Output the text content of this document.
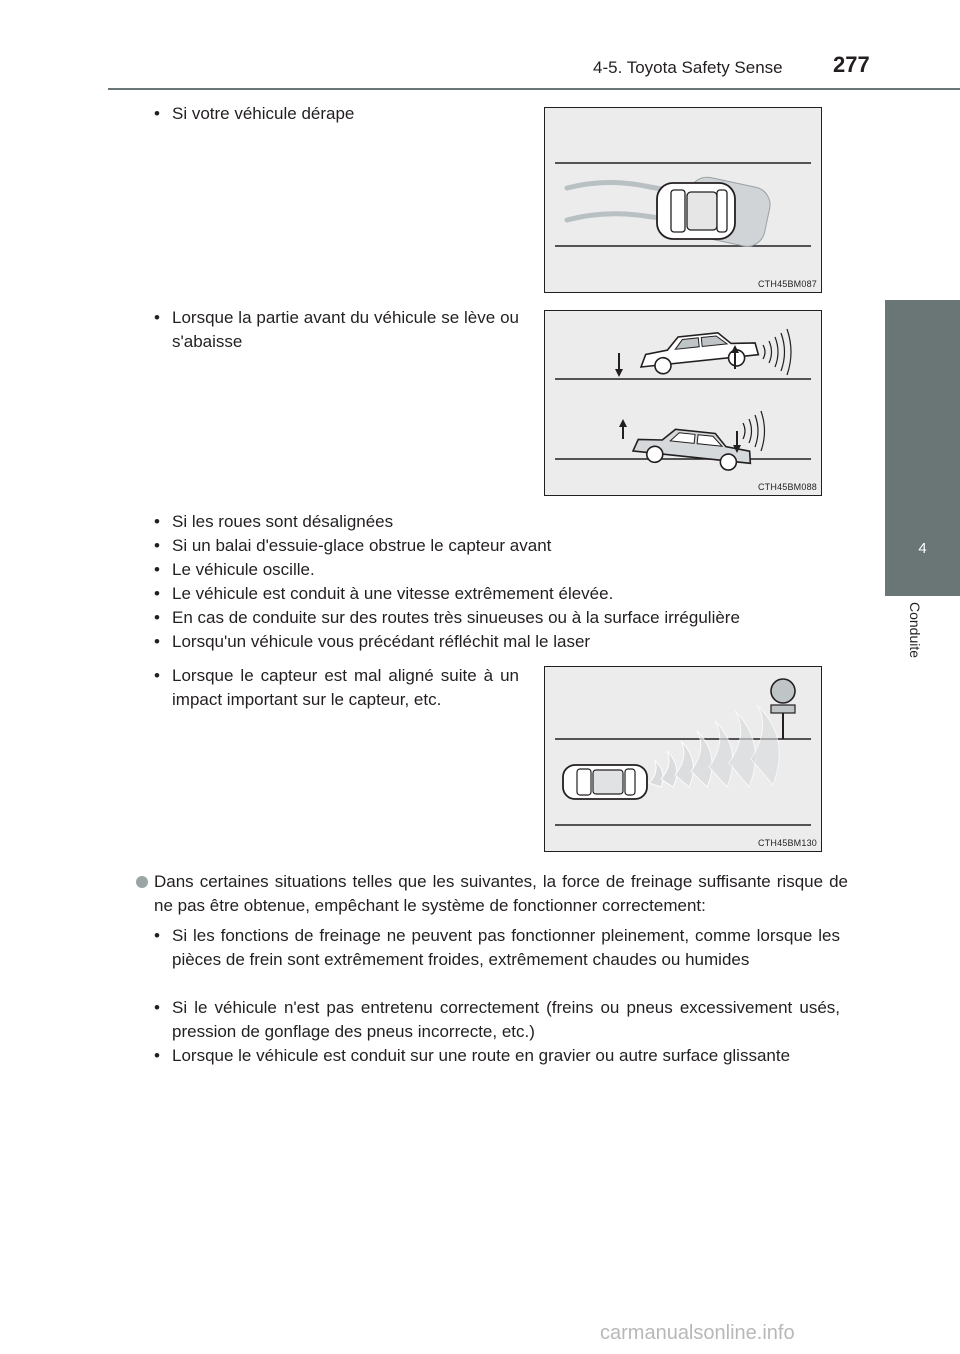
4-5. Toyota Safety Sense 277
4
Conduite
• Si votre véhicule dérape
CTH45BM087
• Lorsque la partie avant du véhicule se lève ou s'abaisse
CTH45BM088
• Si les roues sont désalignées
• Si un balai d'essuie-glace obstrue le capteur avant
• Le véhicule oscille.
• Le véhicule est conduit à une vitesse extrêmement élevée.
• En cas de conduite sur des routes très sinueuses ou à la surface irrégulière
• Lorsqu'un véhicule vous précédant réfléchit mal le laser
• Lorsque le capteur est mal aligné suite à un impact important sur le capteur, etc.
CTH45BM130
Dans certaines situations telles que les suivantes, la force de freinage suffisante risque de ne pas être obtenue, empêchant le système de fonctionner correctement:
• Si les fonctions de freinage ne peuvent pas fonctionner pleinement, comme lorsque les pièces de frein sont extrêmement froides, extrêmement chaudes ou humides
• Si le véhicule n'est pas entretenu correctement (freins ou pneus excessivement usés, pression de gonflage des pneus incorrecte, etc.)
• Lorsque le véhicule est conduit sur une route en gravier ou autre surface glissante
carmanualsonline.info
